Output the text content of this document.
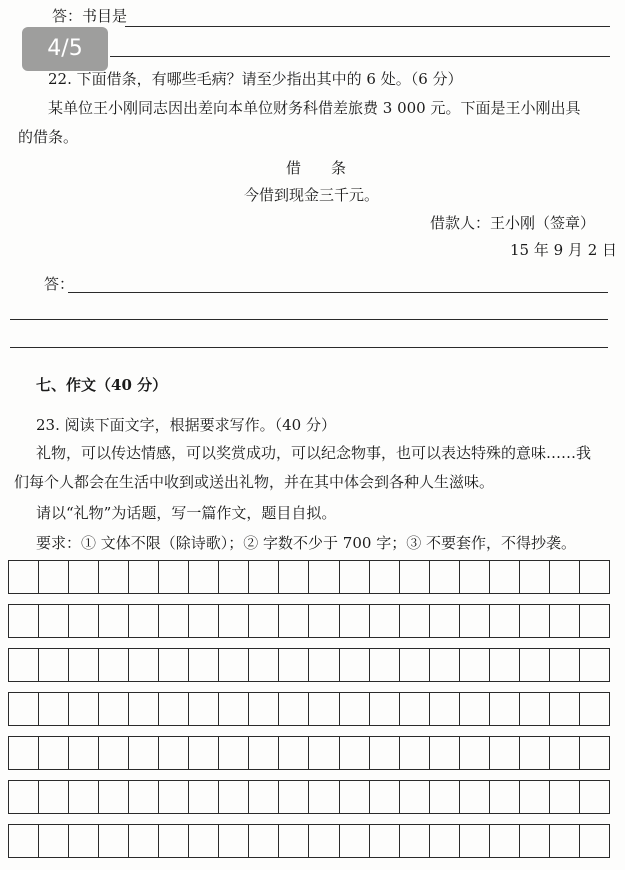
答：书目是
4/5
22. 下面借条，有哪些毛病？请至少指出其中的 6 处。（6 分）
某单位王小刚同志因出差向本单位财务科借差旅费 3 000 元。下面是王小刚出具
的借条。
借　　条
今借到现金三千元。
借款人：王小刚（签章）
15 年 9 月 2 日
答：
七、作文（40 分）
23. 阅读下面文字，根据要求写作。（40 分）
礼物，可以传达情感，可以奖赏成功，可以纪念物事，也可以表达特殊的意味……我
们每个人都会在生活中收到或送出礼物，并在其中体会到各种人生滋味。
请以“礼物”为话题，写一篇作文，题目自拟。
要求：① 文体不限（除诗歌）；② 字数不少于 700 字；③ 不要套作，不得抄袭。
